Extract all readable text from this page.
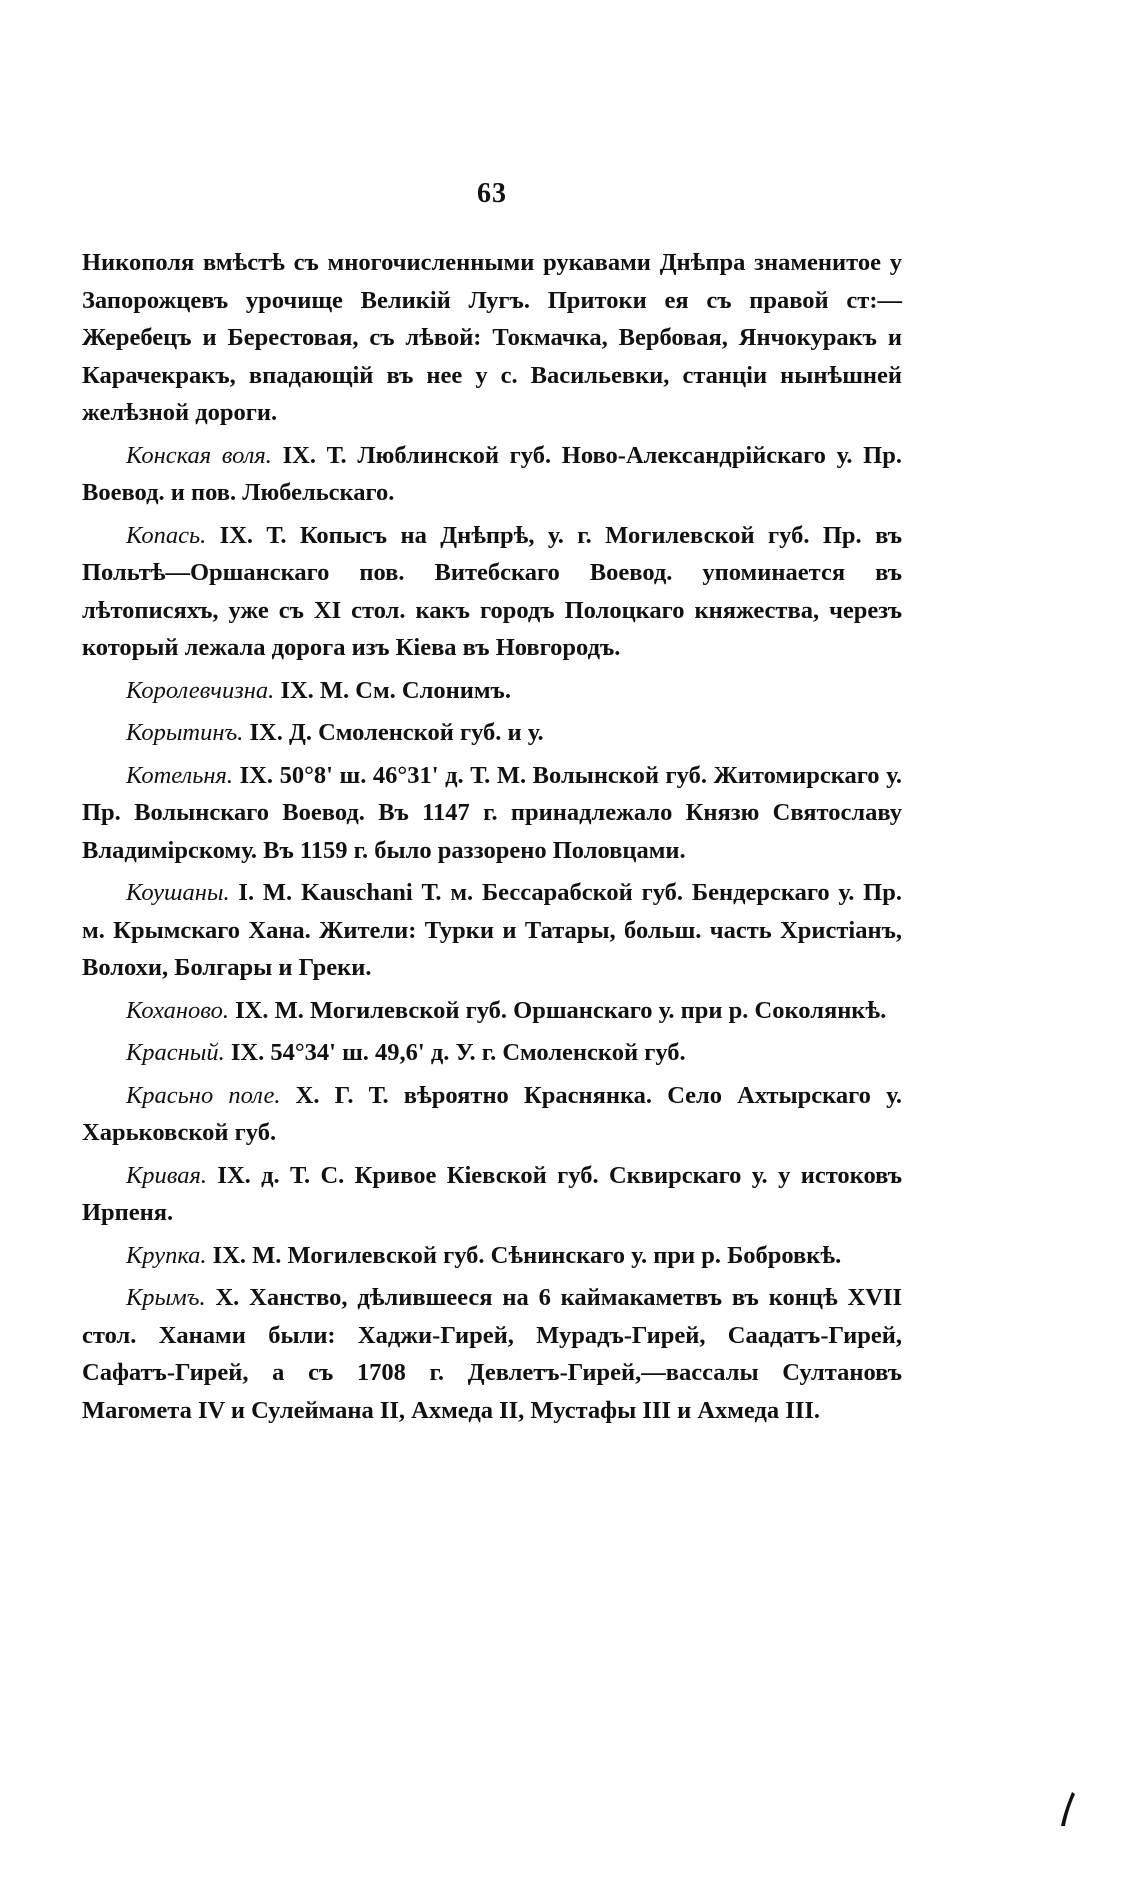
63

Никополя вмѣстѣ съ многочисленными рукавами Днѣпра знаменитое у Запорожцевъ урочище Великій Лугъ. Притоки ея съ правой ст:—Жеребецъ и Берестовая, съ лѣвой: Токмачка, Вербовая, Янчокуракъ и Карачекракъ, впадающій въ нее у с. Васильевки, станціи нынѣшней желѣзной дороги.

Конская воля. IX. Т. Люблинской губ. Ново-Александрійскаго у. Пр. Воевод. и пов. Любельскаго.

Копась. IX. Т. Копысъ на Днѣпрѣ, у. г. Могилевской губ. Пр. въ Польтѣ—Оршанскаго пов. Витебскаго Воевод. упоминается въ лѣтописяхъ, уже съ XI стол. какъ городъ Полоцкаго княжества, черезъ который лежала дорога изъ Кіева въ Новгородъ.

Королевчизна. IX. М. См. Слонимъ.

Корытинъ. IX. Д. Смоленской губ. и у.

Котельня. IX. 50°8' ш. 46°31' д. Т. М. Волынской губ. Житомирскаго у. Пр. Волынскаго Воевод. Въ 1147 г. принадлежало Князю Святославу Владимірскому. Въ 1159 г. было раззорено Половцами.

Коушаны. I. М. Kauschani Т. м. Бессарабской губ. Бендерскаго у. Пр. м. Крымскаго Хана. Жители: Турки и Татары, больш. часть Христіанъ, Волохи, Болгары и Греки.

Коханово. IX. М. Могилевской губ. Оршанскаго у. при р. Соколянкѣ.

Красный. IX. 54°34' ш. 49,6' д. У. г. Смоленской губ.

Красьно поле. X. Г. Т. вѣроятно Краснянка. Село Ахтырскаго у. Харьковской губ.

Кривая. IX. д. Т. С. Кривое Кіевской губ. Сквирскаго у. у истоковъ Ирпеня.

Крупка. IX. М. Могилевской губ. Сѣнинскаго у. при р. Бобровкѣ.

Крымъ. X. Ханство, дѣлившееся на 6 каймакаметвъ въ концѣ XVII стол. Ханами были: Хаджи-Гирей, Мурадъ-Гирей, Саадатъ-Гирей, Сафатъ-Гирей, а съ 1708 г. Девлетъ-Гирей,—вассалы Султановъ Магомета IV и Сулеймана II, Ахмеда II, Мустафы III и Ахмеда III.
